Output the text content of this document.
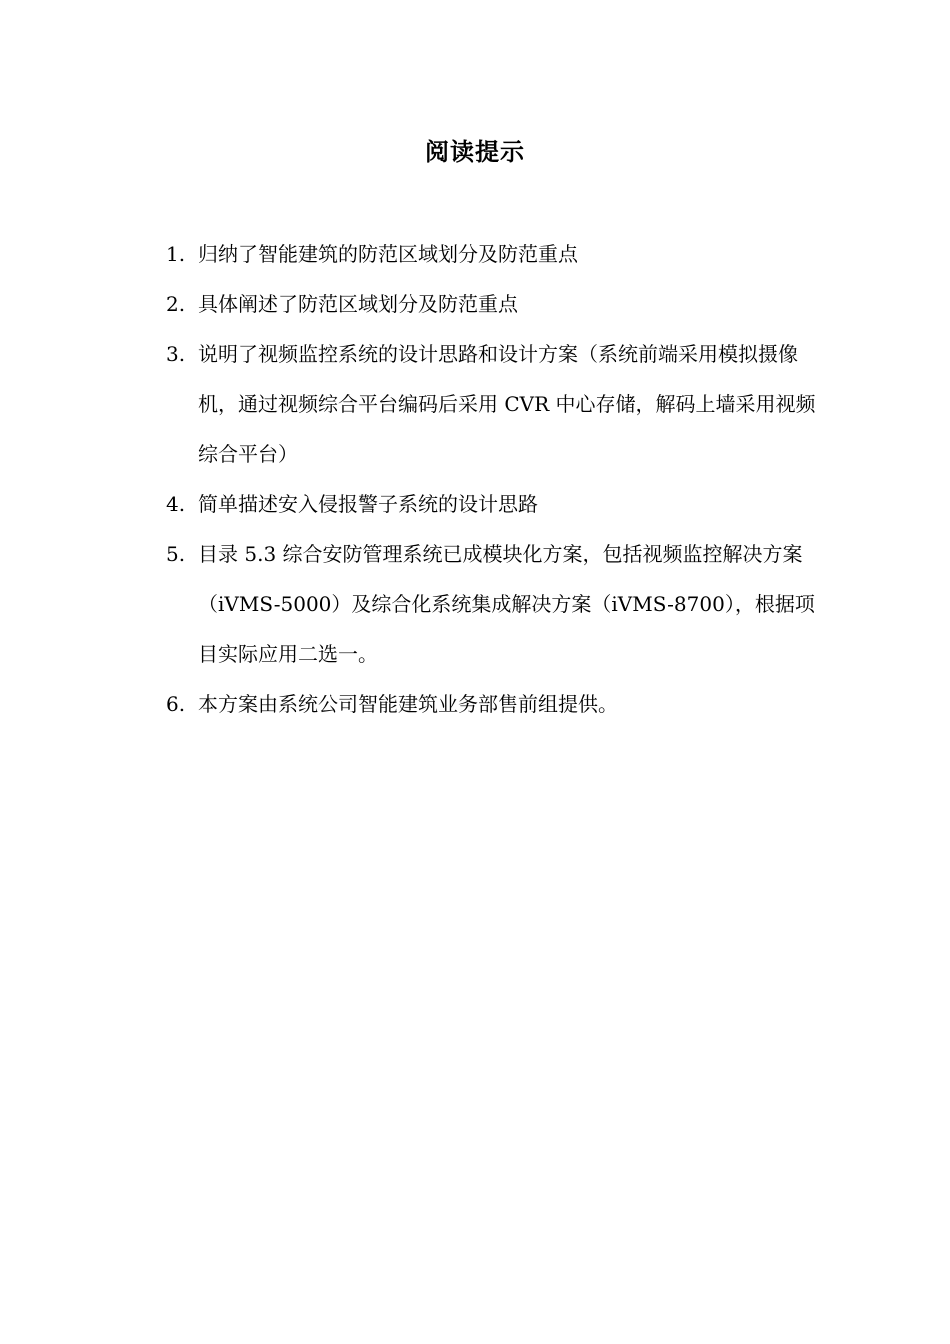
阅读提示
1. 归纳了智能建筑的防范区域划分及防范重点
2. 具体阐述了防范区域划分及防范重点
3. 说明了视频监控系统的设计思路和设计方案（系统前端采用模拟摄像机，通过视频综合平台编码后采用 CVR 中心存储，解码上墙采用视频综合平台）
4. 简单描述安入侵报警子系统的设计思路
5. 目录 5.3 综合安防管理系统已成模块化方案，包括视频监控解决方案（iVMS-5000）及综合化系统集成解决方案（iVMS-8700），根据项目实际应用二选一。
6. 本方案由系统公司智能建筑业务部售前组提供。
